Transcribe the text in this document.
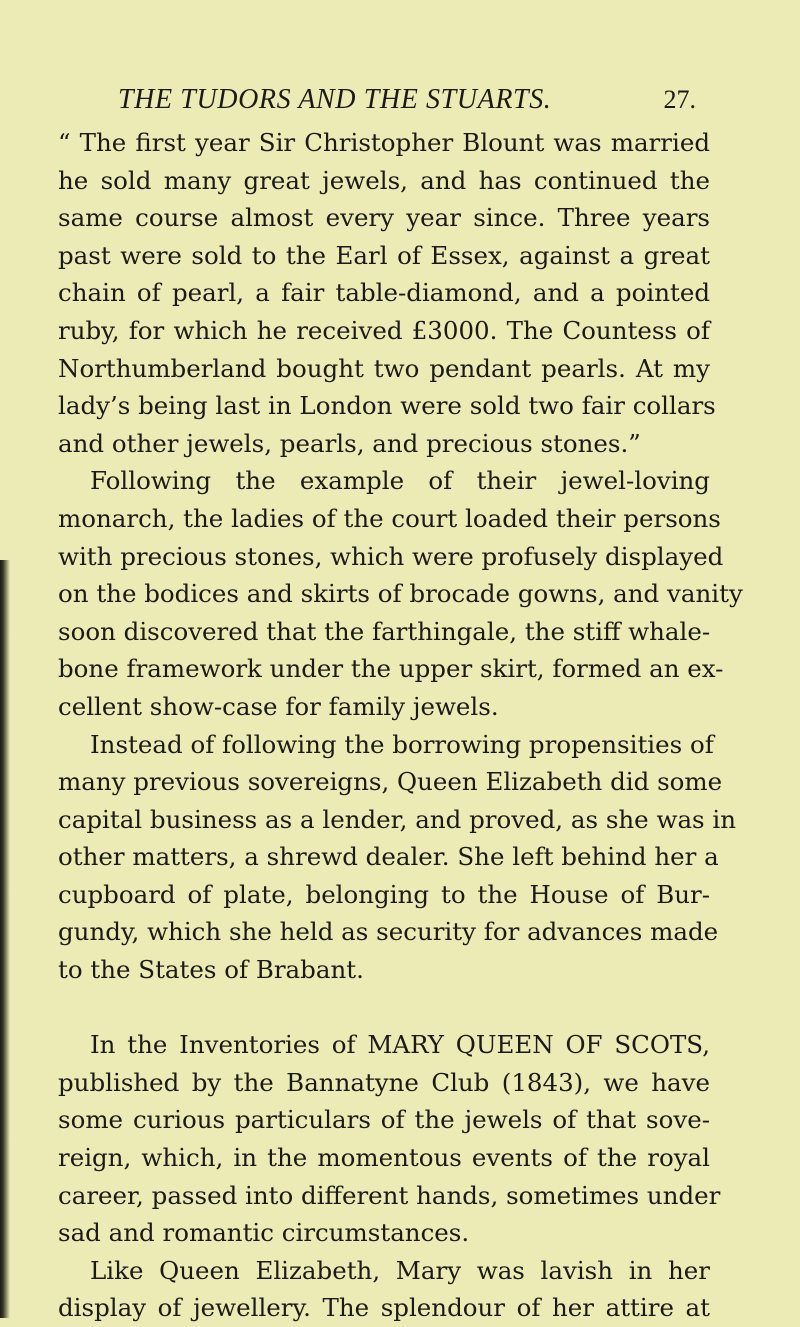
THE TUDORS AND THE STUARTS.	27.
“ The first year Sir Christopher Blount was married
he sold many great jewels, and has continued the
same course almost every year since. Three years
past were sold to the Earl of Essex, against a great
chain of pearl, a fair table-diamond, and a pointed
ruby, for which he received £3000. The Countess of
Northumberland bought two pendant pearls. At my
lady’s being last in London were sold two fair collars
and other jewels, pearls, and precious stones.”
Following the example of their jewel-loving
monarch, the ladies of the court loaded their persons
with precious stones, which were profusely displayed
on the bodices and skirts of brocade gowns, and vanity
soon discovered that the farthingale, the stiff whale-
bone framework under the upper skirt, formed an ex-
cellent show-case for family jewels.
Instead of following the borrowing propensities of
many previous sovereigns, Queen Elizabeth did some
capital business as a lender, and proved, as she was in
other matters, a shrewd dealer. She left behind her a
cupboard of plate, belonging to the House of Bur-
gundy, which she held as security for advances made
to the States of Brabant.
In the Inventories of MARY QUEEN OF SCOTS,
published by the Bannatyne Club (1843), we have
some curious particulars of the jewels of that sove-
reign, which, in the momentous events of the royal
career, passed into different hands, sometimes under
sad and romantic circumstances.
Like Queen Elizabeth, Mary was lavish in her
display of jewellery. The splendour of her attire at
